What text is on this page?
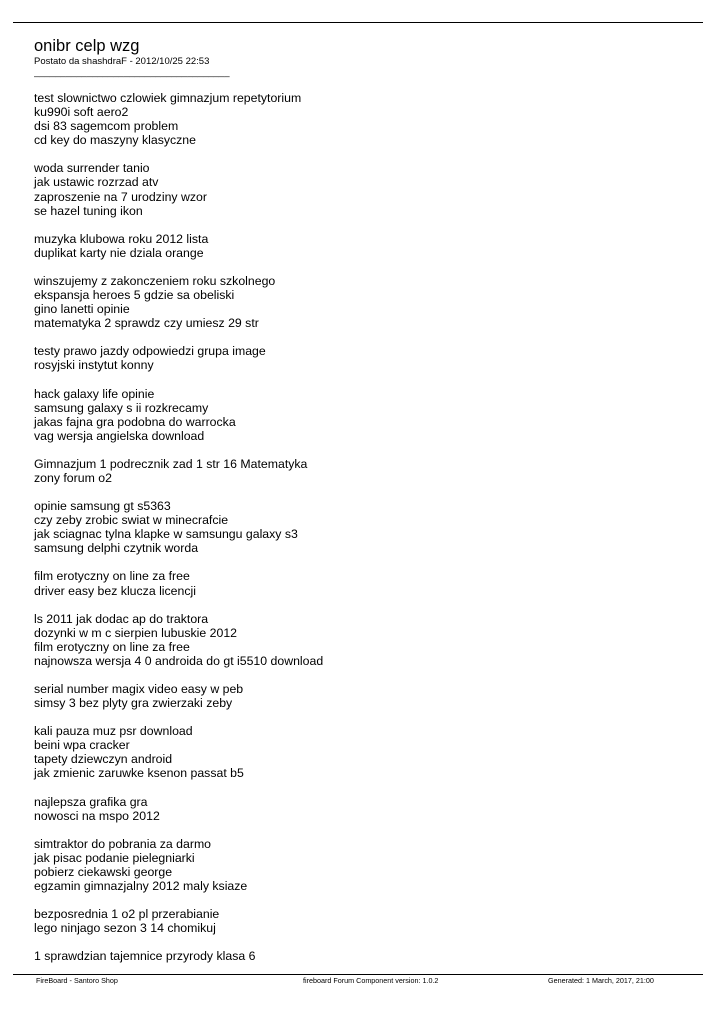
onibr celp wzg

Postato da shashdraF - 2012/10/25 22:53

_____________________________________

test slownictwo czlowiek gimnazjum repetytorium
ku990i soft aero2
dsi 83 sagemcom problem
cd key do maszyny klasyczne
woda surrender tanio
jak ustawic rozrzad atv
zaproszenie na 7 urodziny wzor
se hazel tuning ikon
muzyka klubowa roku 2012 lista
duplikat karty nie dziala orange
winszujemy z zakonczeniem roku szkolnego
ekspansja heroes 5 gdzie sa obeliski
gino lanetti opinie
matematyka 2 sprawdz czy umiesz 29 str
testy prawo jazdy odpowiedzi grupa image
rosyjski instytut konny
hack galaxy life opinie
samsung galaxy s ii rozkrecamy
jakas fajna gra podobna do warrocka
vag wersja angielska download
Gimnazjum 1 podrecznik zad 1 str 16 Matematyka
zony forum o2
opinie samsung gt s5363
czy zeby zrobic swiat w minecrafcie
jak sciagnac tylna klapke w samsungu galaxy s3
samsung delphi czytnik worda
film erotyczny on line za free
driver easy bez klucza licencji
ls 2011 jak dodac ap do traktora
dozynki w m c sierpien lubuskie 2012
film erotyczny on line za free
najnowsza wersja 4 0 androida do gt i5510 download
serial number magix video easy w peb
simsy 3 bez plyty gra zwierzaki zeby
kali pauza muz psr download
beini wpa cracker
tapety dziewczyn android
jak zmienic zaruwke ksenon passat b5
najlepsza grafika gra
nowosci na mspo 2012
simtraktor do pobrania za darmo
jak pisac podanie pielegniarki
pobierz ciekawski george
egzamin gimnazjalny 2012 maly ksiaze
bezposrednia 1 o2 pl przerabianie
lego ninjago sezon 3 14 chomikuj
1 sprawdzian tajemnice przyrody klasa 6
FireBoard - Santoro Shop	fireboard Forum Component version: 1.0.2	Generated: 1 March, 2017, 21:00
